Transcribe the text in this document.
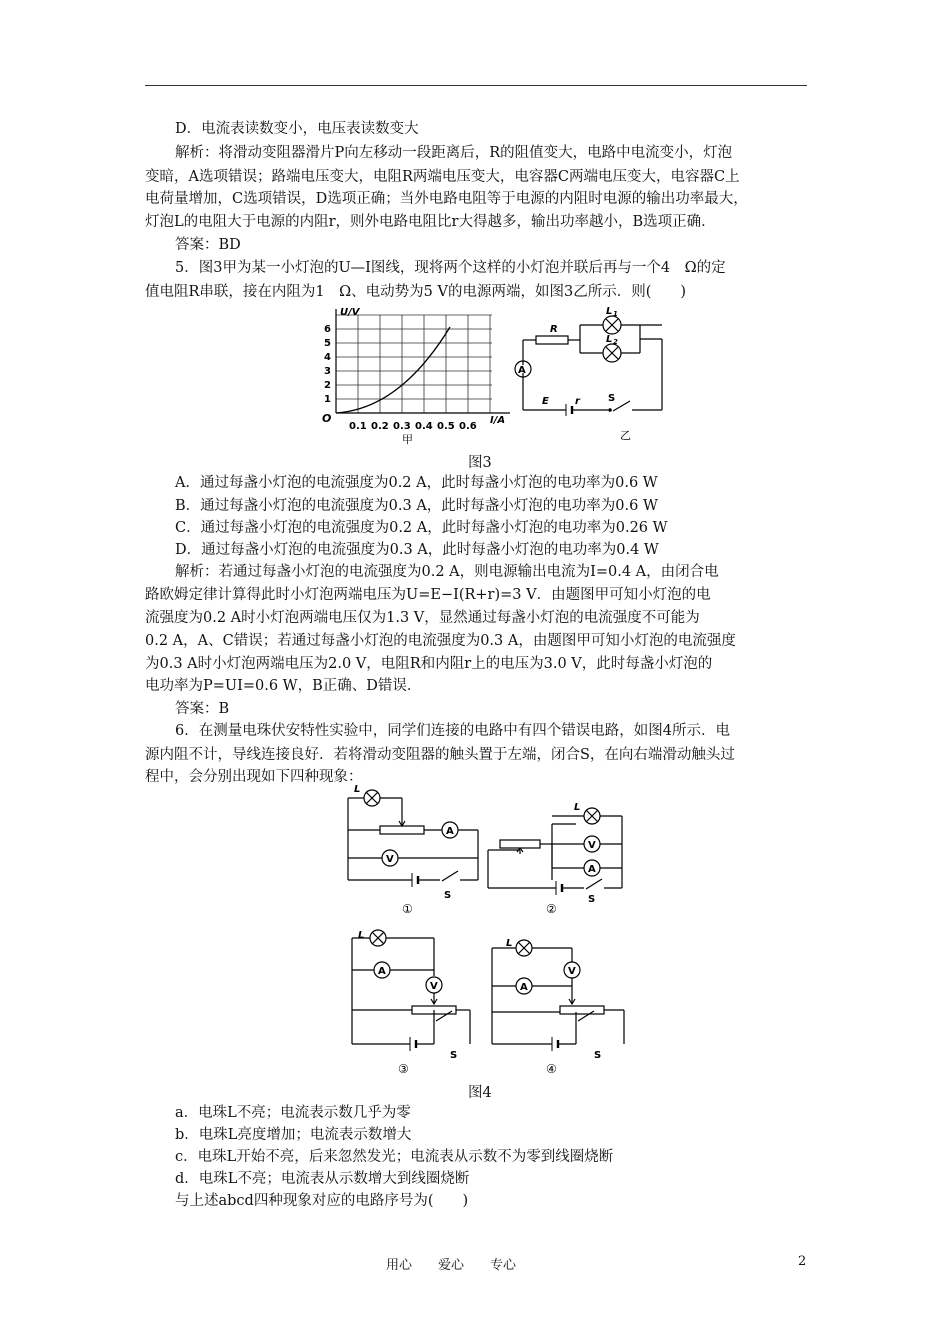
D．电流表读数变小，电压表读数变大
解析：将滑动变阻器滑片P向左移动一段距离后，R的阻值变大，电路中电流变小，灯泡
变暗，A选项错误；路端电压变大，电阻R两端电压变大，电容器C两端电压变大，电容器C上
电荷量增加，C选项错误，D选项正确；当外电路电阻等于电源的内阻时电源的输出功率最大，
灯泡L的电阻大于电源的内阻r，则外电路电阻比r大得越多，输出功率越小，B选项正确．
答案：BD
5．图3甲为某一小灯泡的U—I图线，现将两个这样的小灯泡并联后再与一个4　Ω的定
值电阻R串联，接在内阻为1　Ω、电动势为5 V的电源两端，如图3乙所示．则(　　)
U/V
I/A
O
1
2
3
4
5
6
0.1 0.2 0.3 0.4 0.5 0.6
甲
R
L 1
L 2
A
E	r	S
乙
图3
A．通过每盏小灯泡的电流强度为0.2 A，此时每盏小灯泡的电功率为0.6 W
B．通过每盏小灯泡的电流强度为0.3 A，此时每盏小灯泡的电功率为0.6 W
C．通过每盏小灯泡的电流强度为0.2 A，此时每盏小灯泡的电功率为0.26 W
D．通过每盏小灯泡的电流强度为0.3 A，此时每盏小灯泡的电功率为0.4 W
解析：若通过每盏小灯泡的电流强度为0.2 A，则电源输出电流为I=0.4 A，由闭合电
路欧姆定律计算得此时小灯泡两端电压为U=E−I(R+r)=3 V．由题图甲可知小灯泡的电
流强度为0.2 A时小灯泡两端电压仅为1.3 V，显然通过每盏小灯泡的电流强度不可能为
0.2 A，A、C错误；若通过每盏小灯泡的电流强度为0.3 A，由题图甲可知小灯泡的电流强度
为0.3 A时小灯泡两端电压为2.0 V，电阻R和内阻r上的电压为3.0 V，此时每盏小灯泡的
电功率为P=UI=0.6 W，B正确、D错误．
答案：B
6．在测量电珠伏安特性实验中，同学们连接的电路中有四个错误电路，如图4所示．电
源内阻不计，导线连接良好．若将滑动变阻器的触头置于左端，闭合S，在向右端滑动触头过
程中，会分别出现如下四种现象：
L
A
V
S
L
V
A
S
L
A
V
S
L
V
A
S
①	②
③	④
图4
a．电珠L不亮；电流表示数几乎为零
b．电珠L亮度增加；电流表示数增大
c．电珠L开始不亮，后来忽然发光；电流表从示数不为零到线圈烧断
d．电珠L不亮；电流表从示数增大到线圈烧断
与上述abcd四种现象对应的电路序号为(　　)
用心　　爱心　　专心	2
